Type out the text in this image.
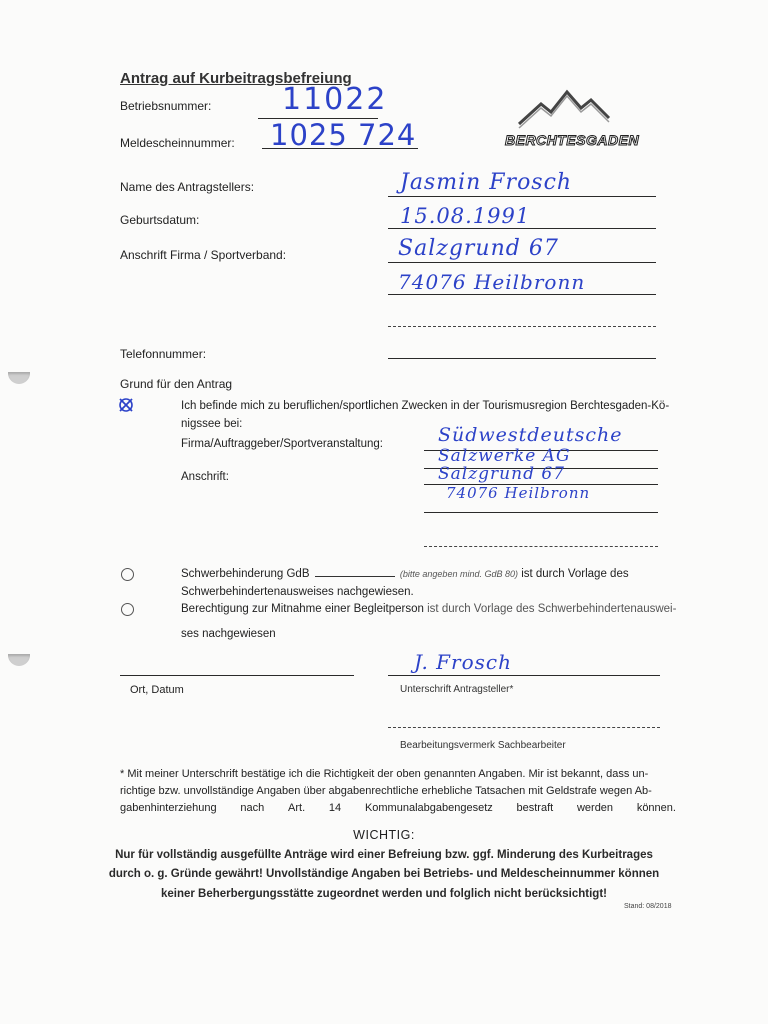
Antrag auf Kurbeitragsbefreiung
Betriebsnummer: 11022
Meldescheinnummer: 1025 724	BERCHTESGADEN
Name des Antragstellers:	Jasmin Frosch
Geburtsdatum:	15.08.1991
Anschrift Firma / Sportverband:	Salzgrund 67
74076 Heilbronn
Telefonnummer:
Grund für den Antrag
Ich befinde mich zu beruflichen/sportlichen Zwecken in der Tourismusregion Berchtesgaden-Kö-
nigssee bei:
Firma/Auftraggeber/Sportveranstaltung:	Südwestdeutsche
Salzwerke AG
Anschrift:	Salzgrund 67
74076 Heilbronn
Schwerbehinderung GdB	(bitte angeben mind. GdB 80) ist durch Vorlage des
Schwerbehindertenausweises nachgewiesen.
Berechtigung zur Mitnahme einer Begleitperson ist durch Vorlage des Schwerbehindertenauswei-
ses nachgewiesen
Ort, Datum
J. Frosch
Unterschrift Antragsteller*
Bearbeitungsvermerk Sachbearbeiter
* Mit meiner Unterschrift bestätige ich die Richtigkeit der oben genannten Angaben. Mir ist bekannt, dass un-
richtige bzw. unvollständige Angaben über abgabenrechtliche erhebliche Tatsachen mit Geldstrafe wegen Ab-
gabenhinterziehung nach Art. 14 Kommunalabgabengesetz bestraft werden können.
WICHTIG:
Nur für vollständig ausgefüllte Anträge wird einer Befreiung bzw. ggf. Minderung des Kurbeitrages
durch o. g. Gründe gewährt! Unvollständige Angaben bei Betriebs- und Meldescheinnummer können
keiner Beherbergungsstätte zugeordnet werden und folglich nicht berücksichtigt!
Stand: 08/2018
